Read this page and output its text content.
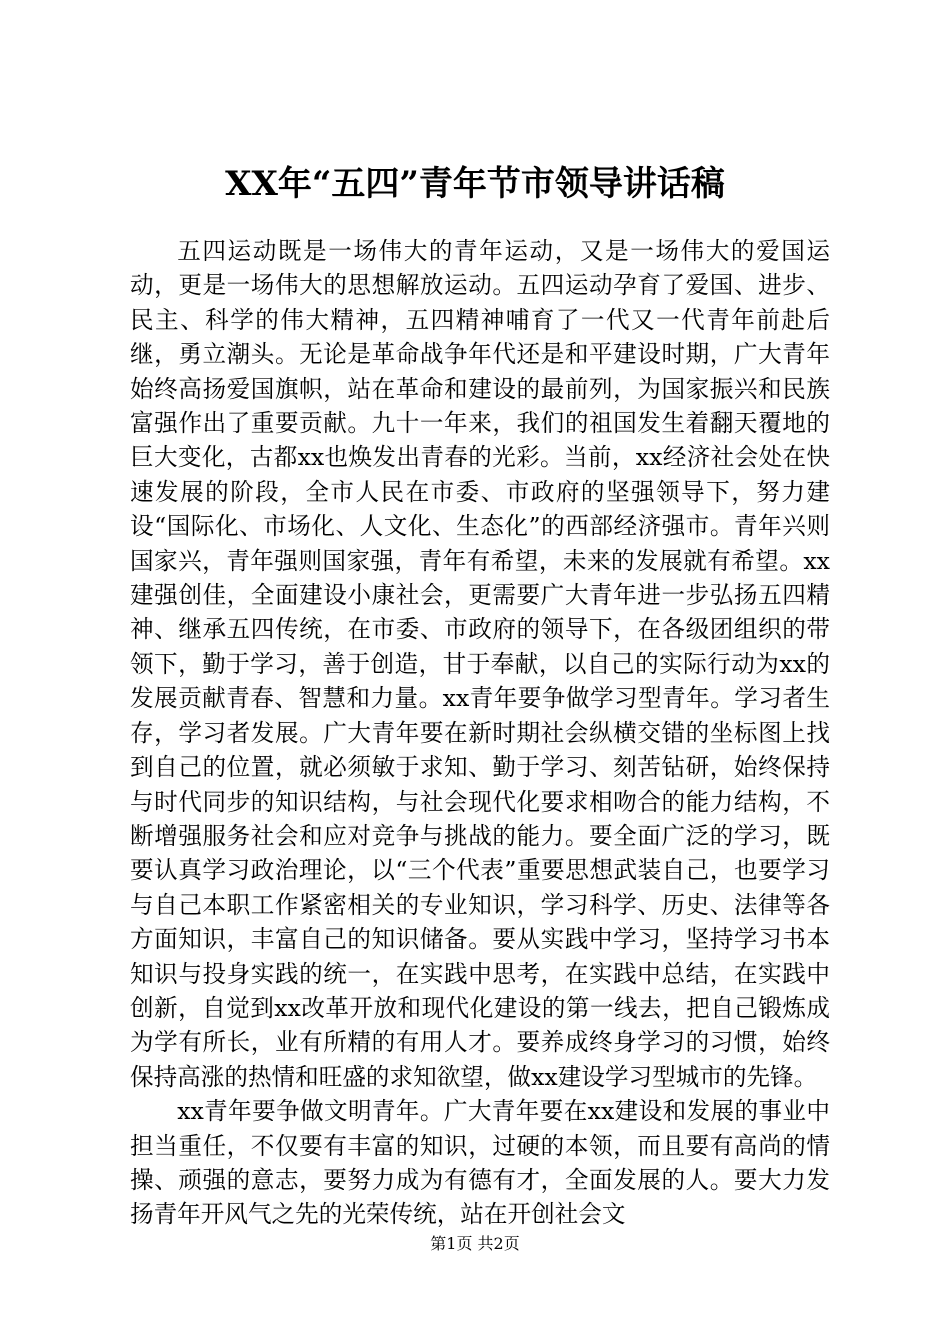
XX年“五四”青年节市领导讲话稿

五四运动既是一场伟大的青年运动，又是一场伟大的爱国运动，更是一场伟大的思想解放运动。五四运动孕育了爱国、进步、民主、科学的伟大精神，五四精神哺育了一代又一代青年前赴后继，勇立潮头。无论是革命战争年代还是和平建设时期，广大青年始终高扬爱国旗帜，站在革命和建设的最前列，为国家振兴和民族富强作出了重要贡献。九十一年来，我们的祖国发生着翻天覆地的巨大变化，古都xx也焕发出青春的光彩。当前，xx经济社会处在快速发展的阶段，全市人民在市委、市政府的坚强领导下，努力建设“国际化、市场化、人文化、生态化”的西部经济强市。青年兴则国家兴，青年强则国家强，青年有希望，未来的发展就有希望。xx建强创佳，全面建设小康社会，更需要广大青年进一步弘扬五四精神、继承五四传统，在市委、市政府的领导下，在各级团组织的带领下，勤于学习，善于创造，甘于奉献，以自己的实际行动为xx的发展贡献青春、智慧和力量。xx青年要争做学习型青年。学习者生存，学习者发展。广大青年要在新时期社会纵横交错的坐标图上找到自己的位置，就必须敏于求知、勤于学习、刻苦钻研，始终保持与时代同步的知识结构，与社会现代化要求相吻合的能力结构，不断增强服务社会和应对竞争与挑战的能力。要全面广泛的学习，既要认真学习政治理论，以“三个代表”重要思想武装自己，也要学习与自己本职工作紧密相关的专业知识，学习科学、历史、法律等各方面知识，丰富自己的知识储备。要从实践中学习，坚持学习书本知识与投身实践的统一，在实践中思考，在实践中总结，在实践中创新，自觉到xx改革开放和现代化建设的第一线去，把自己锻炼成为学有所长，业有所精的有用人才。要养成终身学习的习惯，始终保持高涨的热情和旺盛的求知欲望，做xx建设学习型城市的先锋。

xx青年要争做文明青年。广大青年要在xx建设和发展的事业中担当重任，不仅要有丰富的知识，过硬的本领，而且要有高尚的情操、顽强的意志，要努力成为有德有才，全面发展的人。要大力发扬青年开风气之先的光荣传统，站在开创社会文

第1页 共2页
